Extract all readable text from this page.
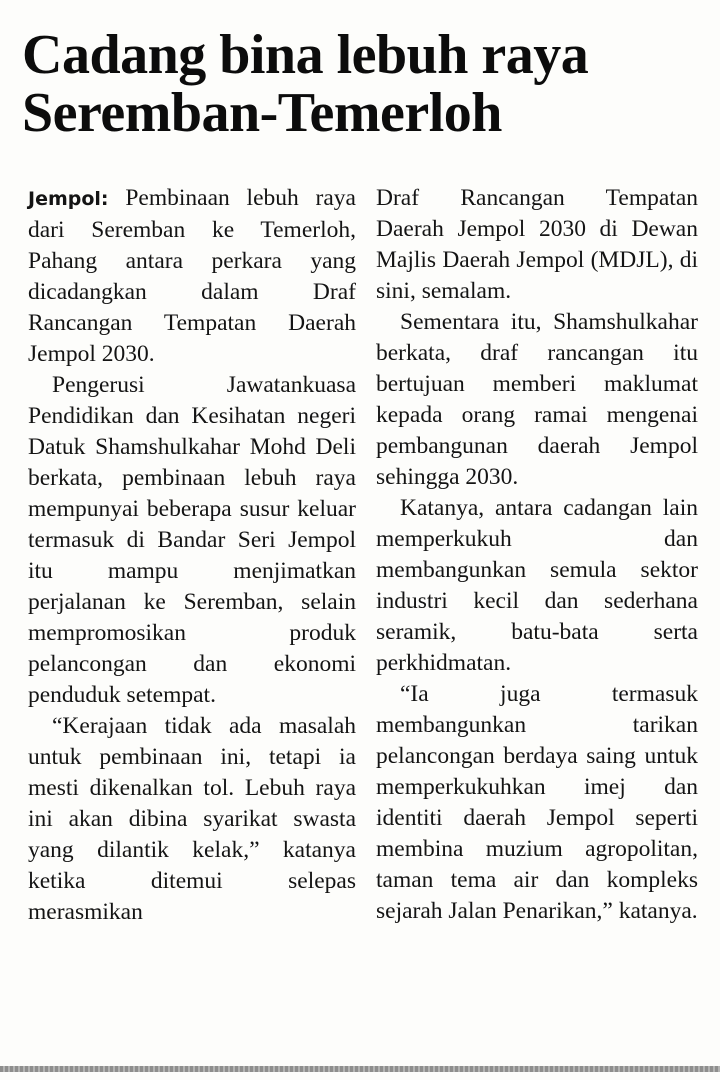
Cadang bina lebuh raya
Seremban-Temerloh

Jempol: Pembinaan lebuh raya dari Seremban ke Temerloh, Pahang antara perkara yang dicadangkan dalam Draf Rancangan Tempatan Daerah Jempol 2030.

Pengerusi Jawatankuasa Pendidikan dan Kesihatan negeri Datuk Shamshulkahar Mohd Deli berkata, pembinaan lebuh raya mempunyai beberapa susur keluar termasuk di Bandar Seri Jempol itu mampu menjimatkan perjalanan ke Seremban, selain mempromosikan produk pelancongan dan ekonomi penduduk setempat.

“Kerajaan tidak ada masalah untuk pembinaan ini, tetapi ia mesti dikenalkan tol. Lebuh raya ini akan dibina syarikat swasta yang dilantik kelak,” katanya ketika ditemui selepas merasmikan

Draf Rancangan Tempatan Daerah Jempol 2030 di Dewan Majlis Daerah Jempol (MDJL), di sini, semalam.

Sementara itu, Shamshulkahar berkata, draf rancangan itu bertujuan memberi maklumat kepada orang ramai mengenai pembangunan daerah Jempol sehingga 2030.

Katanya, antara cadangan lain memperkukuh dan membangunkan semula sektor industri kecil dan sederhana seramik, batu-bata serta perkhidmatan.

“Ia juga termasuk membangunkan tarikan pelancongan berdaya saing untuk memperkukuhkan imej dan identiti daerah Jempol seperti membina muzium agropolitan, taman tema air dan kompleks sejarah Jalan Penarikan,” katanya.
